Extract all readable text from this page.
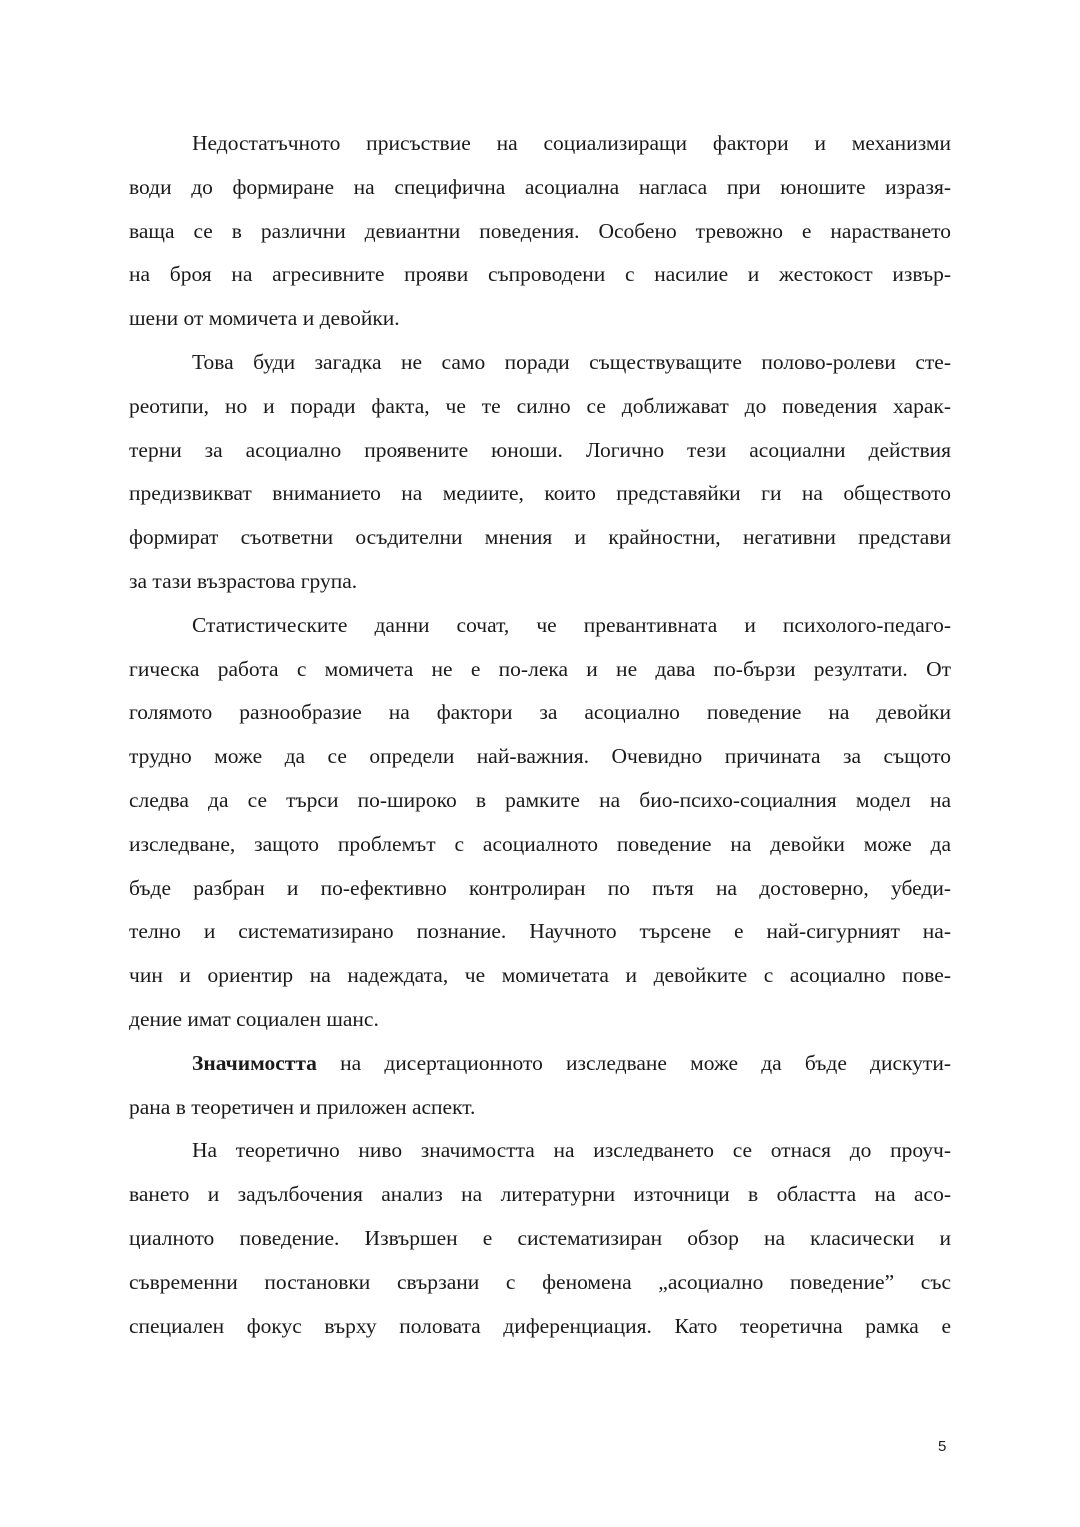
Недостатъчното присъствие на социализиращи фактори и механизми
води до формиране на специфична асоциална нагласа при юношите изразя-
ваща се в различни девиантни поведения. Особено тревожно е нарастването
на броя на агресивните прояви съпроводени с насилие и жестокост извър-
шени от момичета и девойки.
Това буди загадка не само поради съществуващите полово-ролеви сте-
реотипи, но и поради факта, че те силно се доближават до поведения харак-
терни за асоциално проявените юноши. Логично тези асоциални действия
предизвикват вниманието на медиите, които представяйки ги на обществото
формират съответни осъдителни мнения и крайностни, негативни представи
за тази възрастова група.
Статистическите данни сочат, че превантивната и психолого-педаго-
гическа работа с момичета не е по-лека и не дава по-бързи резултати. От
голямото разнообразие на фактори за асоциално поведение на девойки
трудно може да се определи най-важния. Очевидно причината за същото
следва да се търси по-широко в рамките на био-психо-социалния модел на
изследване, защото проблемът с асоциалното поведение на девойки може да
бъде разбран и по-ефективно контролиран по пътя на достоверно, убеди-
телно и систематизирано познание. Научното търсене е най-сигурният на-
чин и ориентир на надеждата, че момичетата и девойките с асоциално пове-
дение имат социален шанс.
Значимостта на дисертационното изследване може да бъде дискути-
рана в теоретичен и приложен аспект.
На теоретично ниво значимостта на изследването се отнася до проуч-
ването и задълбочения анализ на литературни източници в областта на асо-
циалното поведение. Извършен е систематизиран обзор на класически и
съвременни постановки свързани с феномена „асоциално поведение” със
специален фокус върху половата диференциация. Като теоретична рамка е
5
